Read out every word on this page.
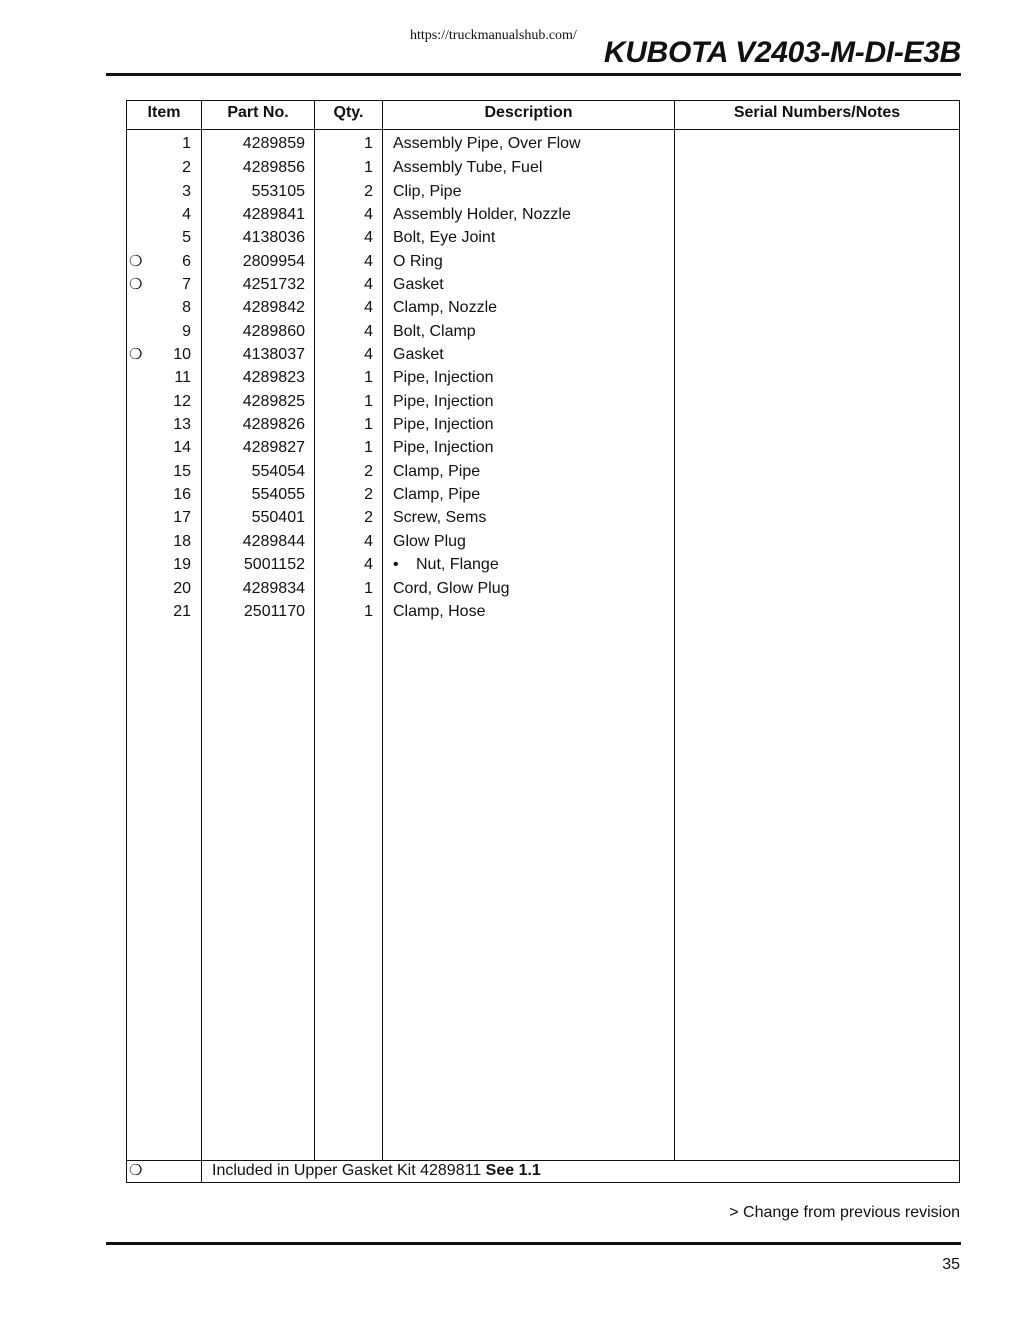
https://truckmanualshub.com/
KUBOTA V2403-M-DI-E3B
Item	Part No.	Qty.	Description	Serial Numbers/Notes
1	4289859	1 Assembly Pipe, Over Flow
2	4289856	1 Assembly Tube, Fuel
3	553105	2 Clip, Pipe
4	4289841	4 Assembly Holder, Nozzle
5	4138036	4 Bolt, Eye Joint
❍	6	2809954	4 O Ring
❍	7	4251732	4 Gasket
8	4289842	4 Clamp, Nozzle
9	4289860	4 Bolt, Clamp
❍	10	4138037	4 Gasket
11	4289823	1 Pipe, Injection
12	4289825	1 Pipe, Injection
13	4289826	1 Pipe, Injection
14	4289827	1 Pipe, Injection
15	554054	2 Clamp, Pipe
16	554055	2 Clamp, Pipe
17	550401	2 Screw, Sems
18	4289844	4 Glow Plug
19	5001152	4 • Nut, Flange
20	4289834	1 Cord, Glow Plug
21	2501170	1 Clamp, Hose
❍	Included in Upper Gasket Kit 4289811 See 1.1
> Change from previous revision
35
